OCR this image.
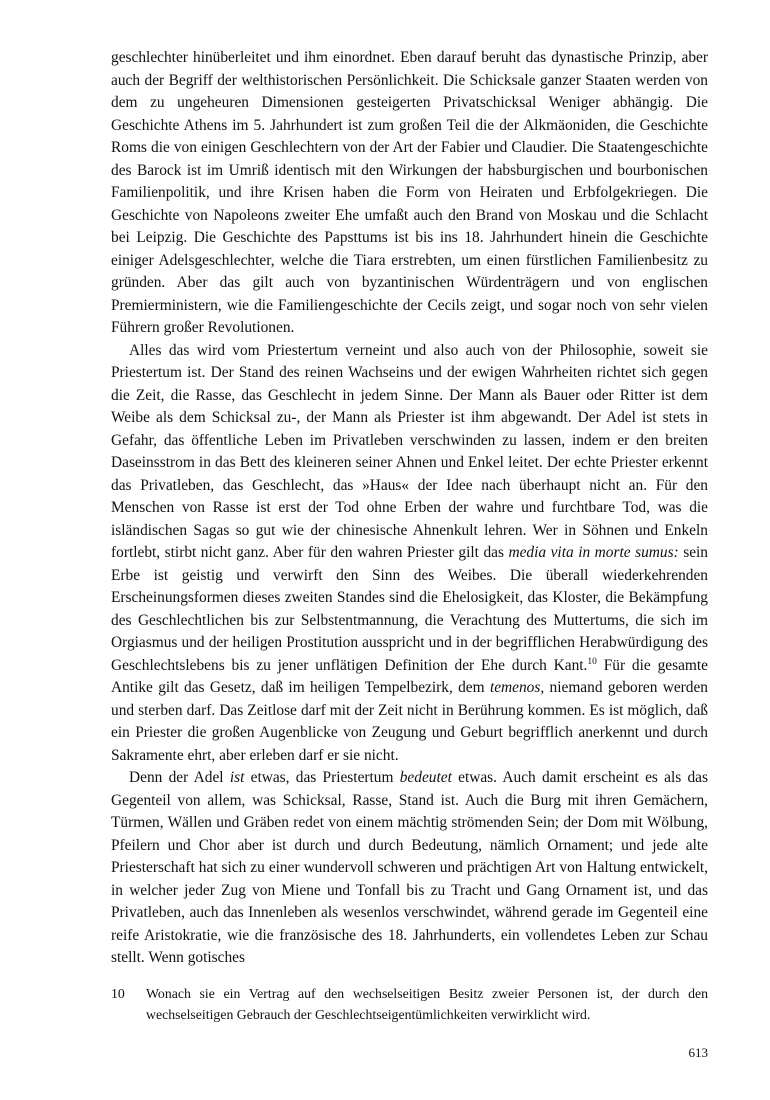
geschlechter hinüberleitet und ihm einordnet. Eben darauf beruht das dynastische Prinzip, aber auch der Begriff der welthistorischen Persönlichkeit. Die Schicksale ganzer Staaten werden von dem zu ungeheuren Dimensionen gesteigerten Privatschicksal Weniger abhängig. Die Geschichte Athens im 5. Jahrhundert ist zum großen Teil die der Alkmäoniden, die Geschichte Roms die von einigen Geschlechtern von der Art der Fabier und Claudier. Die Staatengeschichte des Barock ist im Umriß identisch mit den Wirkungen der habsburgischen und bourbonischen Familienpolitik, und ihre Krisen haben die Form von Heiraten und Erbfolgekriegen. Die Geschichte von Napoleons zweiter Ehe umfaßt auch den Brand von Moskau und die Schlacht bei Leipzig. Die Geschichte des Papsttums ist bis ins 18. Jahrhundert hinein die Geschichte einiger Adelsgeschlechter, welche die Tiara erstrebten, um einen fürstlichen Familienbesitz zu gründen. Aber das gilt auch von byzantinischen Würdenträgern und von englischen Premierministern, wie die Familiengeschichte der Cecils zeigt, und sogar noch von sehr vielen Führern großer Revolutionen.

Alles das wird vom Priestertum verneint und also auch von der Philosophie, soweit sie Priestertum ist. Der Stand des reinen Wachseins und der ewigen Wahrheiten richtet sich gegen die Zeit, die Rasse, das Geschlecht in jedem Sinne. Der Mann als Bauer oder Ritter ist dem Weibe als dem Schicksal zu-, der Mann als Priester ist ihm abgewandt. Der Adel ist stets in Gefahr, das öffentliche Leben im Privatleben verschwinden zu lassen, indem er den breiten Daseinsstrom in das Bett des kleineren seiner Ahnen und Enkel leitet. Der echte Priester erkennt das Privatleben, das Geschlecht, das »Haus« der Idee nach überhaupt nicht an. Für den Menschen von Rasse ist erst der Tod ohne Erben der wahre und furchtbare Tod, was die isländischen Sagas so gut wie der chinesische Ahnenkult lehren. Wer in Söhnen und Enkeln fortlebt, stirbt nicht ganz. Aber für den wahren Priester gilt das media vita in morte sumus: sein Erbe ist geistig und verwirft den Sinn des Weibes. Die überall wiederkehrenden Erscheinungsformen dieses zweiten Standes sind die Ehelosigkeit, das Kloster, die Bekämpfung des Geschlechtlichen bis zur Selbstentmannung, die Verachtung des Muttertums, die sich im Orgiasmus und der heiligen Prostitution ausspricht und in der begrifflichen Herabwürdigung des Geschlechtslebens bis zu jener unflätigen Definition der Ehe durch Kant.$^{10}$ Für die gesamte Antike gilt das Gesetz, daß im heiligen Tempelbezirk, dem temenos, niemand geboren werden und sterben darf. Das Zeitlose darf mit der Zeit nicht in Berührung kommen. Es ist möglich, daß ein Priester die großen Augenblicke von Zeugung und Geburt begrifflich anerkennt und durch Sakramente ehrt, aber erleben darf er sie nicht.

Denn der Adel ist etwas, das Priestertum bedeutet etwas. Auch damit erscheint es als das Gegenteil von allem, was Schicksal, Rasse, Stand ist. Auch die Burg mit ihren Gemächern, Türmen, Wällen und Gräben redet von einem mächtig strömenden Sein; der Dom mit Wölbung, Pfeilern und Chor aber ist durch und durch Bedeutung, nämlich Ornament; und jede alte Priesterschaft hat sich zu einer wundervoll schweren und prächtigen Art von Haltung entwickelt, in welcher jeder Zug von Miene und Tonfall bis zu Tracht und Gang Ornament ist, und das Privatleben, auch das Innenleben als wesenlos verschwindet, während gerade im Gegenteil eine reife Aristokratie, wie die französische des 18. Jahrhunderts, ein vollendetes Leben zur Schau stellt. Wenn gotisches

10	Wonach sie ein Vertrag auf den wechselseitigen Besitz zweier Personen ist, der durch den wechselseitigen Gebrauch der Geschlechtseigentümlichkeiten verwirklicht wird.
613
